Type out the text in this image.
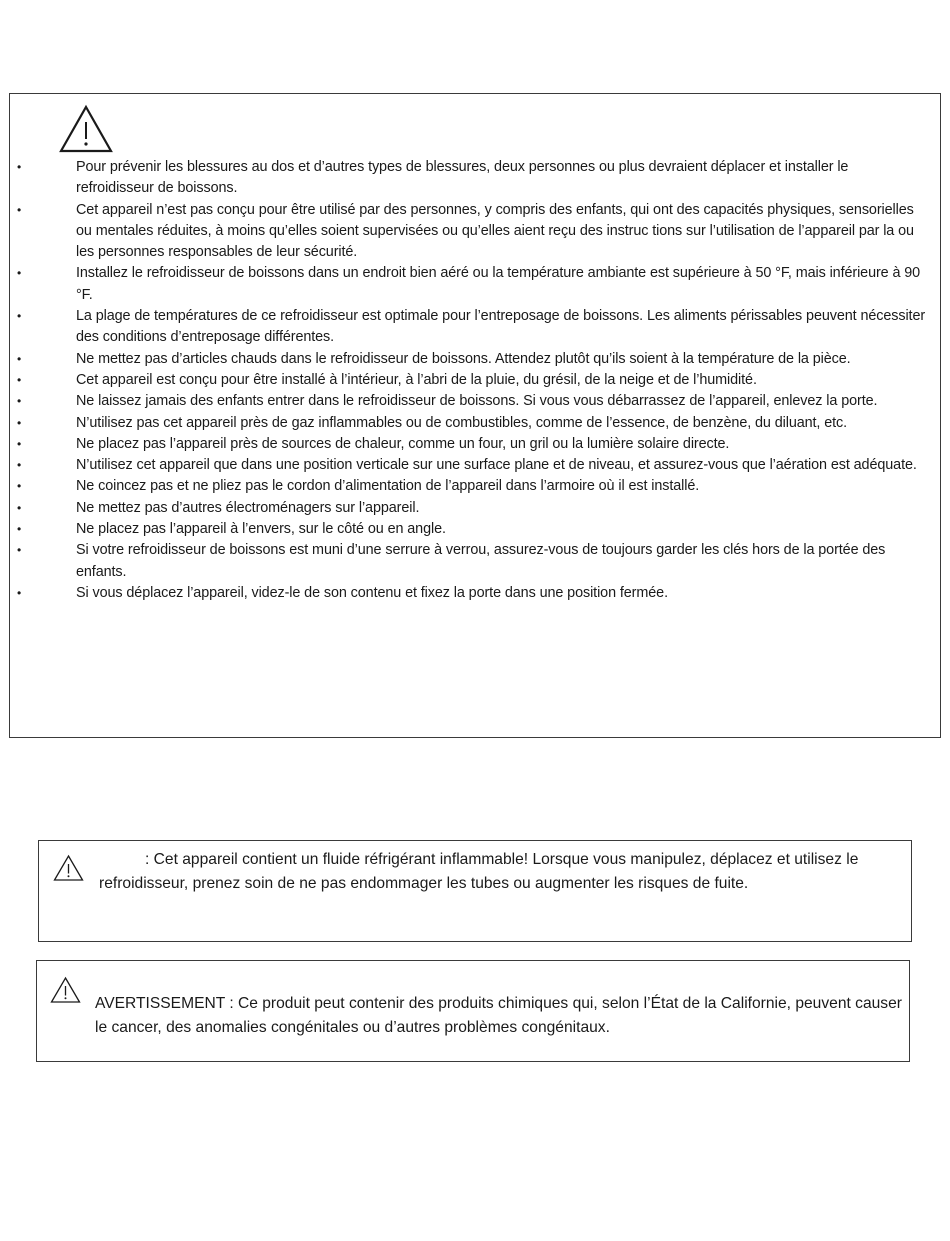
•	Pour prévenir les blessures au dos et d’autres types de blessures, deux personnes ou plus devraient déplacer et installer le refroidisseur de boissons.
•	Cet appareil n’est pas conçu pour être utilisé par des personnes, y compris des enfants, qui ont des capacités physiques, sensorielles ou mentales réduites, à moins qu’elles soient supervisées ou qu’elles aient reçu des instruc tions sur l’utilisation de l’appareil par la ou les personnes responsables de leur sécurité.
•	Installez le refroidisseur de boissons dans un endroit bien aéré ou la température ambiante est supérieure à 50 °F, mais inférieure à 90 °F.
•	La plage de températures de ce refroidisseur est optimale pour l’entreposage de boissons. Les aliments périssables peuvent nécessiter des conditions d’entreposage différentes.
•	Ne mettez pas d’articles chauds dans le refroidisseur de boissons. Attendez plutôt qu’ils soient à la température de la pièce.
•	Cet appareil est conçu pour être installé à l’intérieur, à l’abri de la pluie, du grésil, de la neige et de l’humidité.
•	Ne laissez jamais des enfants entrer dans le refroidisseur de boissons. Si vous vous débarrassez de l’appareil, enlevez la porte.
•	N’utilisez pas cet appareil près de gaz inflammables ou de combustibles, comme de l’essence, de benzène, du diluant, etc.
•	Ne placez pas l’appareil près de sources de chaleur, comme un four, un gril ou la lumière solaire directe.
•	N’utilisez cet appareil que dans une position verticale sur une surface plane et de niveau, et assurez-vous que l’aération est adéquate.
•	Ne coincez pas et ne pliez pas le cordon d’alimentation de l’appareil dans l’armoire où il est installé.
•	Ne mettez pas d’autres électroménagers sur l’appareil.
•	Ne placez pas l’appareil à l’envers, sur le côté ou en angle.
•	Si votre refroidisseur de boissons est muni d’une serrure à verrou, assurez-vous de toujours garder les clés hors de la portée des enfants.
•	Si vous déplacez l’appareil, videz-le de son contenu et fixez la porte dans une position fermée.
: Cet appareil contient un fluide réfrigérant inflammable! Lorsque vous manipulez, déplacez et utilisez le refroidisseur, prenez soin de ne pas endommager les tubes ou augmenter les risques de fuite.
AVERTISSEMENT : Ce produit peut contenir des produits chimiques qui, selon l’État de la Californie, peuvent causer le cancer, des anomalies congénitales ou d’autres problèmes congénitaux.
